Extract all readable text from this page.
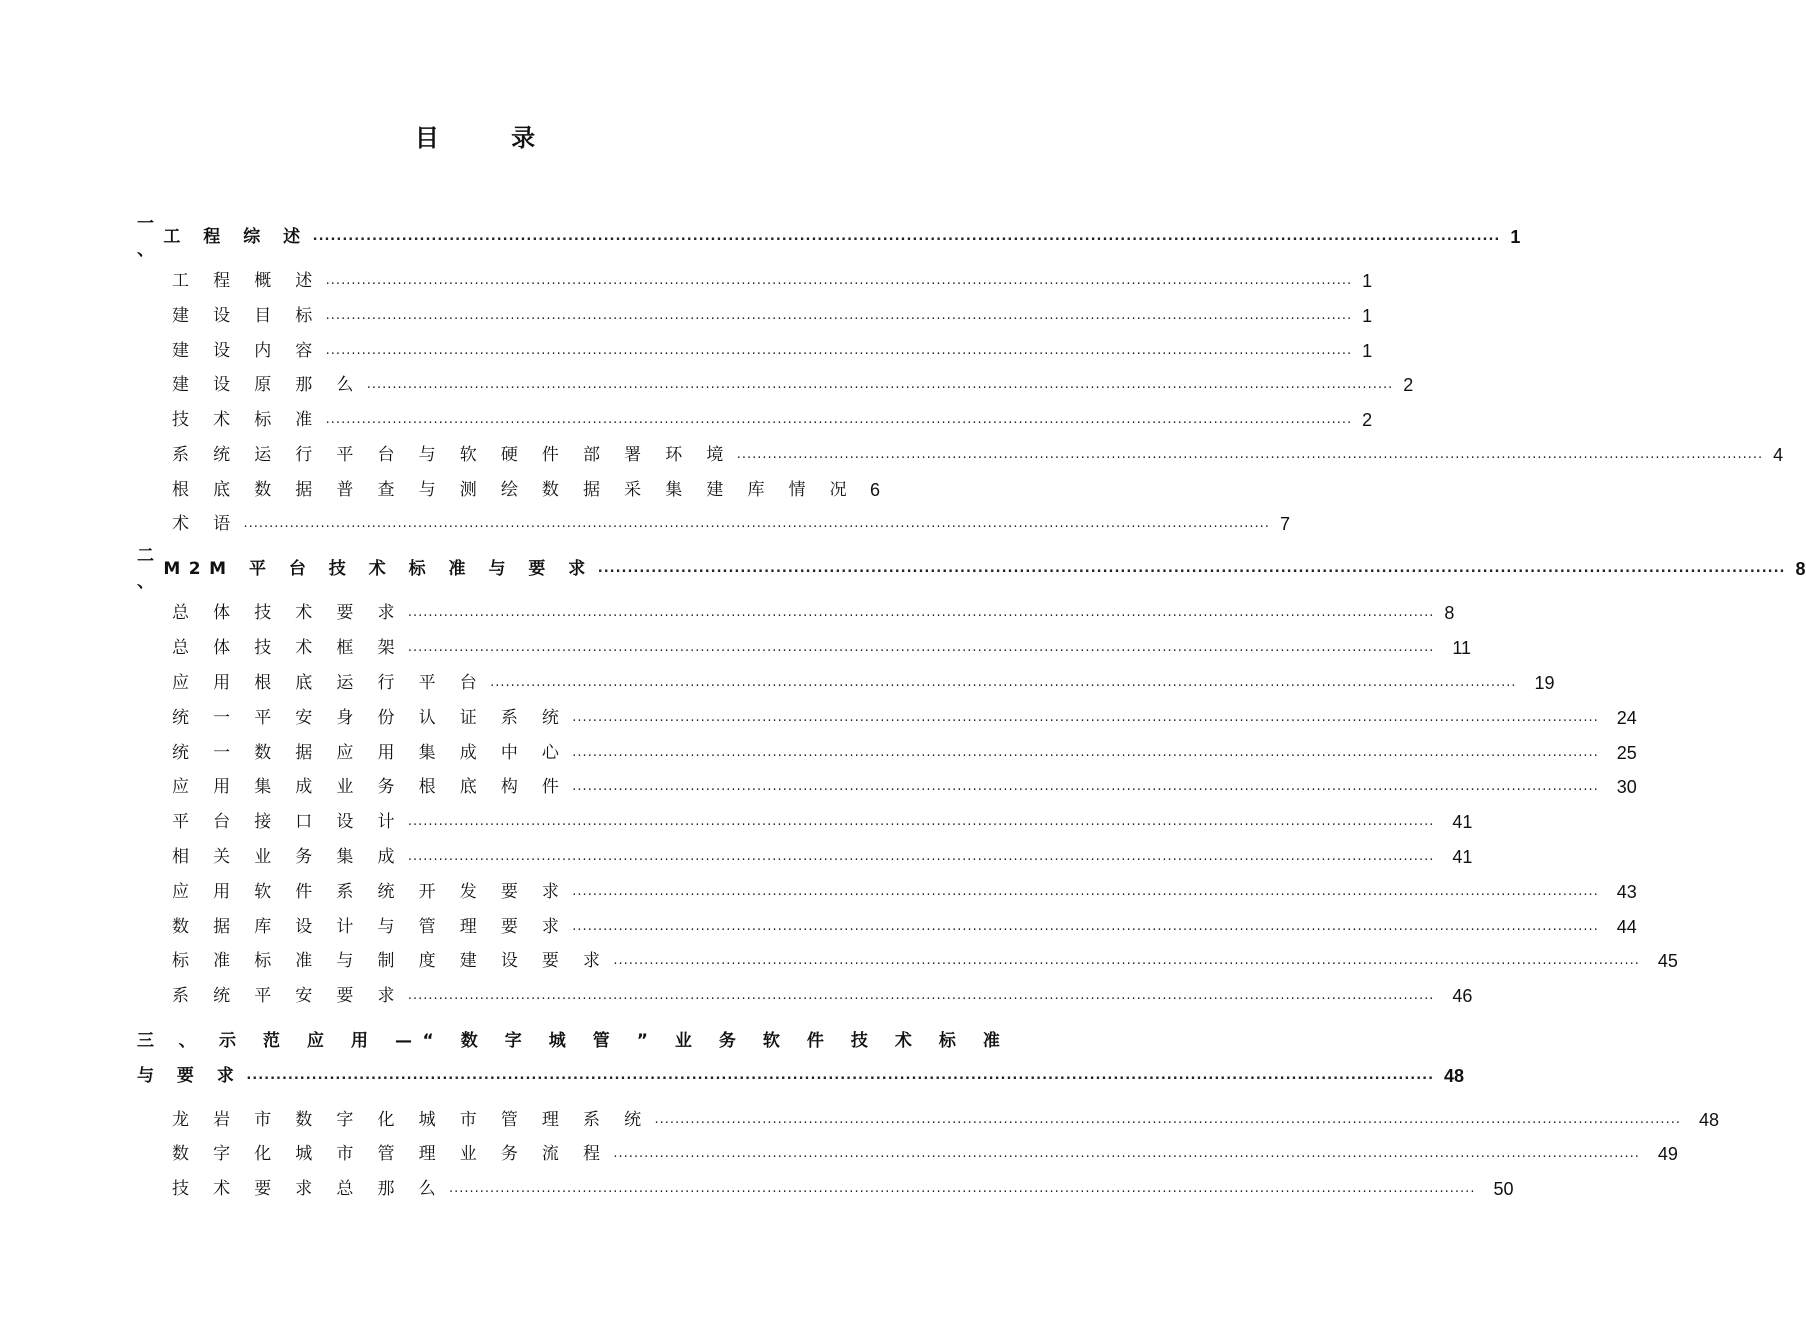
目	录
一 、
工 程 综 述 ........................................................................................................................................................................................................ 1
工 程 概 述 ........................................................................................................................................................................................................ 1
建 设 目 标 ........................................................................................................................................................................................................ 1
建 设 内 容 ........................................................................................................................................................................................................ 1
建 设 原 那 么 ........................................................................................................................................................................................................ 2
技 术 标 准 ........................................................................................................................................................................................................ 2
系 统 运 行 平 台 与 软 硬 件 部 署 环 境 ........................................................................................................................................................................................................ 4
根 底 数 据 普 查 与 测 绘 数 据 采 集 建 库 情 况 6
术 语 ........................................................................................................................................................................................................ 7
二 、
M2M 平 台 技 术 标 准 与 要 求 ........................................................................................................................................................................................................ 8
总 体 技 术 要 求 ........................................................................................................................................................................................................ 8
总 体 技 术 框 架 ........................................................................................................................................................................................................ 11
应 用 根 底 运 行 平 台 ........................................................................................................................................................................................................ 19
统 一 平 安 身 份 认 证 系 统 ........................................................................................................................................................................................................ 24
统 一 数 据 应 用 集 成 中 心 ........................................................................................................................................................................................................ 25
应 用 集 成 业 务 根 底 构 件 ........................................................................................................................................................................................................ 30
平 台 接 口 设 计 ........................................................................................................................................................................................................ 41
相 关 业 务 集 成 ........................................................................................................................................................................................................ 41
应 用 软 件 系 统 开 发 要 求 ........................................................................................................................................................................................................ 43
数 据 库 设 计 与 管 理 要 求 ........................................................................................................................................................................................................ 44
标 准 标 准 与 制 度 建 设 要 求 ........................................................................................................................................................................................................ 45
系 统 平 安 要 求 ........................................................................................................................................................................................................ 46
三 、 示 范 应 用 —“ 数 字 城 管 ” 业 务 软 件 技 术 标 准
与 要 求 ........................................................................................................................................................................................................ 48
龙 岩 市 数 字 化 城 市 管 理 系 统 ........................................................................................................................................................................................................ 48
数 字 化 城 市 管 理 业 务 流 程 ........................................................................................................................................................................................................ 49
技 术 要 求 总 那 么 ........................................................................................................................................................................................................ 50
